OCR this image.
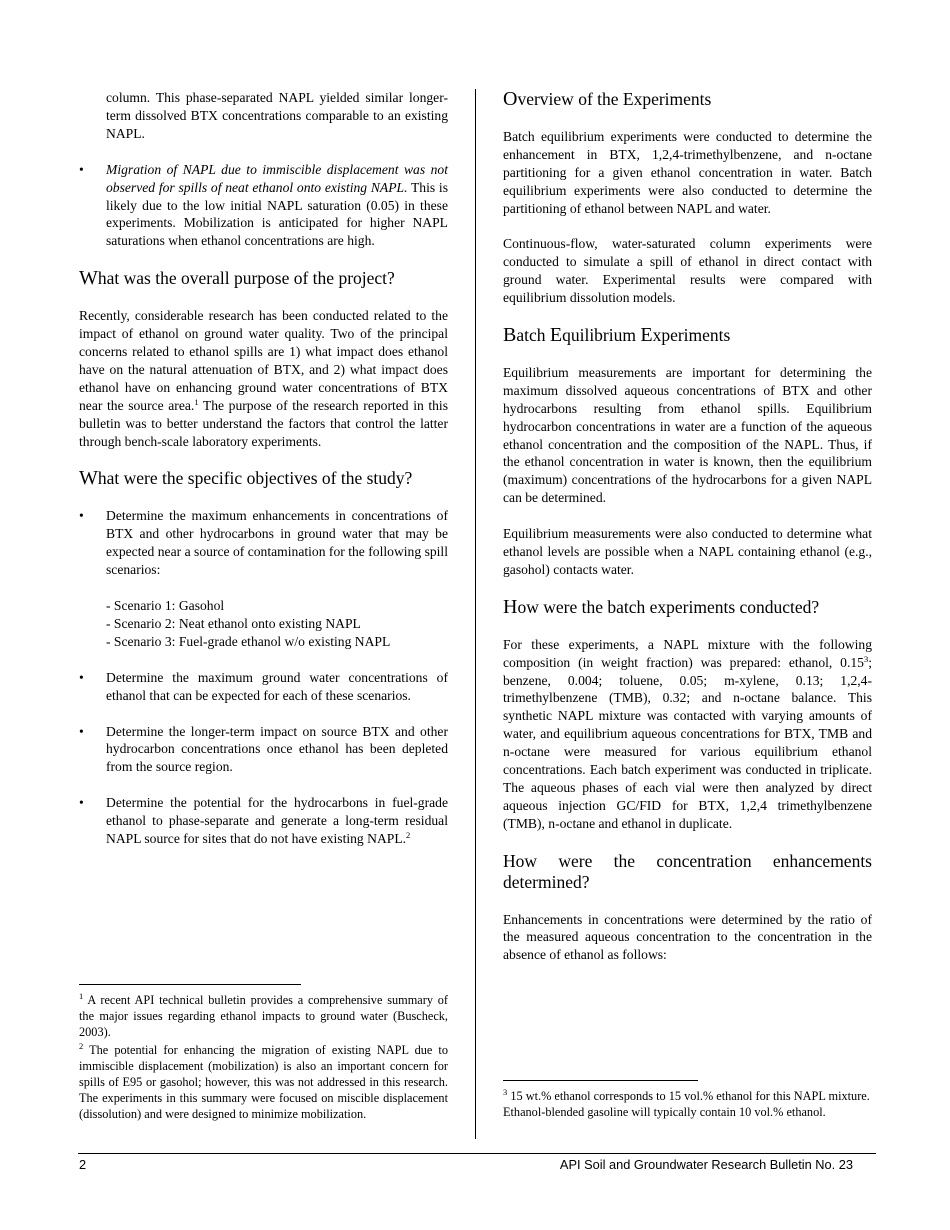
column. This phase-separated NAPL yielded similar longer-term dissolved BTX concentrations comparable to an existing NAPL.

• Migration of NAPL due to immiscible displacement was not observed for spills of neat ethanol onto existing NAPL. This is likely due to the low initial NAPL saturation (0.05) in these experiments. Mobilization is anticipated for higher NAPL saturations when ethanol concentrations are high.
What was the overall purpose of the project?

Recently, considerable research has been conducted related to the impact of ethanol on ground water quality. Two of the principal concerns related to ethanol spills are 1) what impact does ethanol have on the natural attenuation of BTX, and 2) what impact does ethanol have on enhancing ground water concentrations of BTX near the source area.$^1$ The purpose of the research reported in this bulletin was to better understand the factors that control the latter through bench-scale laboratory experiments.

What were the specific objectives of the study?
• Determine the maximum enhancements in concentrations of BTX and other hydrocarbons in ground water that may be expected near a source of contamination for the following spill scenarios:
- Scenario 1: Gasohol
- Scenario 2: Neat ethanol onto existing NAPL
- Scenario 3: Fuel-grade ethanol w/o existing NAPL
• Determine the maximum ground water concentrations of ethanol that can be expected for each of these scenarios.
• Determine the longer-term impact on source BTX and other hydrocarbon concentrations once ethanol has been depleted from the source region.
• Determine the potential for the hydrocarbons in fuel-grade ethanol to phase-separate and generate a long-term residual NAPL source for sites that do not have existing NAPL.$^2$

$^1$ A recent API technical bulletin provides a comprehensive summary of the major issues regarding ethanol impacts to ground water (Buscheck, 2003).

$^2$ The potential for enhancing the migration of existing NAPL due to immiscible displacement (mobilization) is also an important concern for spills of E95 or gasohol; however, this was not addressed in this research. The experiments in this summary were focused on miscible displacement (dissolution) and were designed to minimize mobilization.

Overview of the Experiments

Batch equilibrium experiments were conducted to determine the enhancement in BTX, 1,2,4-trimethylbenzene, and n-octane partitioning for a given ethanol concentration in water. Batch equilibrium experiments were also conducted to determine the partitioning of ethanol between NAPL and water.

Continuous-flow, water-saturated column experiments were conducted to simulate a spill of ethanol in direct contact with ground water. Experimental results were compared with equilibrium dissolution models.

Batch Equilibrium Experiments

Equilibrium measurements are important for determining the maximum dissolved aqueous concentrations of BTX and other hydrocarbons resulting from ethanol spills. Equilibrium hydrocarbon concentrations in water are a function of the aqueous ethanol concentration and the composition of the NAPL. Thus, if the ethanol concentration in water is known, then the equilibrium (maximum) concentrations of the hydrocarbons for a given NAPL can be determined.

Equilibrium measurements were also conducted to determine what ethanol levels are possible when a NAPL containing ethanol (e.g., gasohol) contacts water.

How were the batch experiments conducted?

For these experiments, a NAPL mixture with the following composition (in weight fraction) was prepared: ethanol, 0.15$^3$; benzene, 0.004; toluene, 0.05; m-xylene, 0.13; 1,2,4-trimethylbenzene (TMB), 0.32; and n-octane balance. This synthetic NAPL mixture was contacted with varying amounts of water, and equilibrium aqueous concentrations for BTX, TMB and n-octane were measured for various equilibrium ethanol concentrations. Each batch experiment was conducted in triplicate. The aqueous phases of each vial were then analyzed by direct aqueous injection GC/FID for BTX, 1,2,4 trimethylbenzene (TMB), n-octane and ethanol in duplicate.

How were the concentration enhancements determined?

Enhancements in concentrations were determined by the ratio of the measured aqueous concentration to the concentration in the absence of ethanol as follows:

$^3$ 15 wt.% ethanol corresponds to 15 vol.% ethanol for this NAPL mixture. Ethanol-blended gasoline will typically contain 10 vol.% ethanol.

2	API Soil and Groundwater Research Bulletin No. 23
